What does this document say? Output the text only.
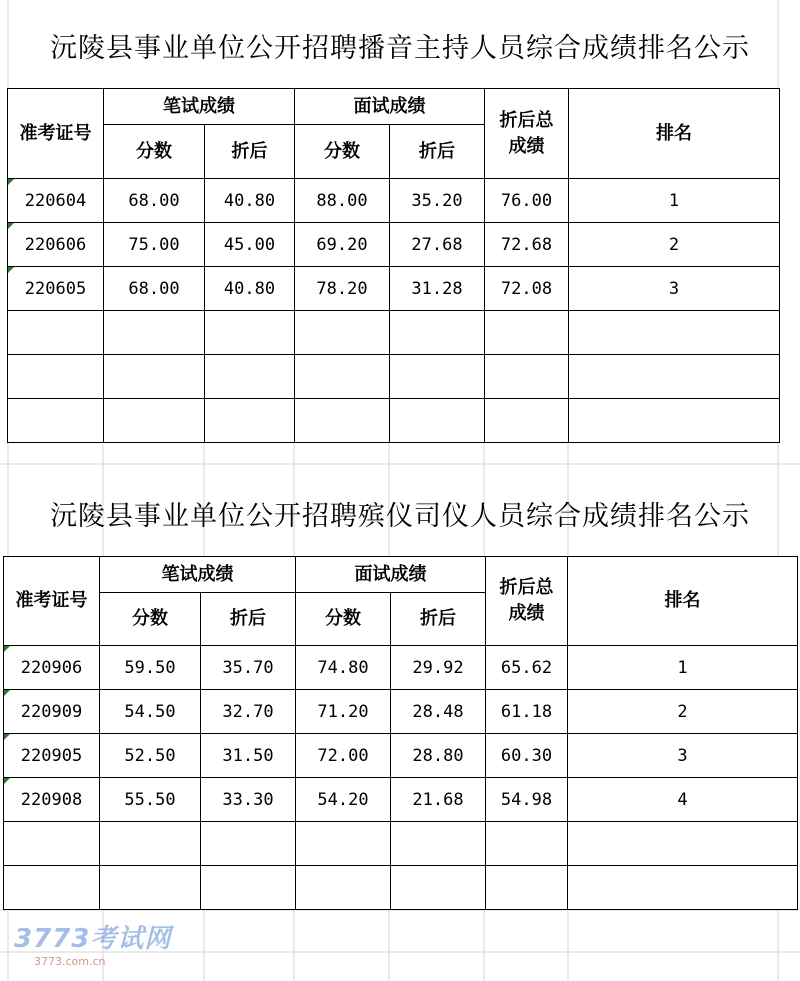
沅陵县事业单位公开招聘播音主持人员综合成绩排名公示
准考证号	笔试成绩		面试成绩		折后总成绩	排名
	分数	折后	分数	折后		
220604	68.00	40.80	88.00	35.20	76.00	1
220606	75.00	45.00	69.20	27.68	72.68	2
220605	68.00	40.80	78.20	31.28	72.08	3

沅陵县事业单位公开招聘殡仪司仪人员综合成绩排名公示
准考证号	笔试成绩		面试成绩		折后总成绩	排名
	分数	折后	分数	折后		
220906	59.50	35.70	74.80	29.92	65.62	1
220909	54.50	32.70	71.20	28.48	61.18	2
220905	52.50	31.50	72.00	28.80	60.30	3
220908	55.50	33.30	54.20	21.68	54.98	4

3773考试网
3773.com.cn
